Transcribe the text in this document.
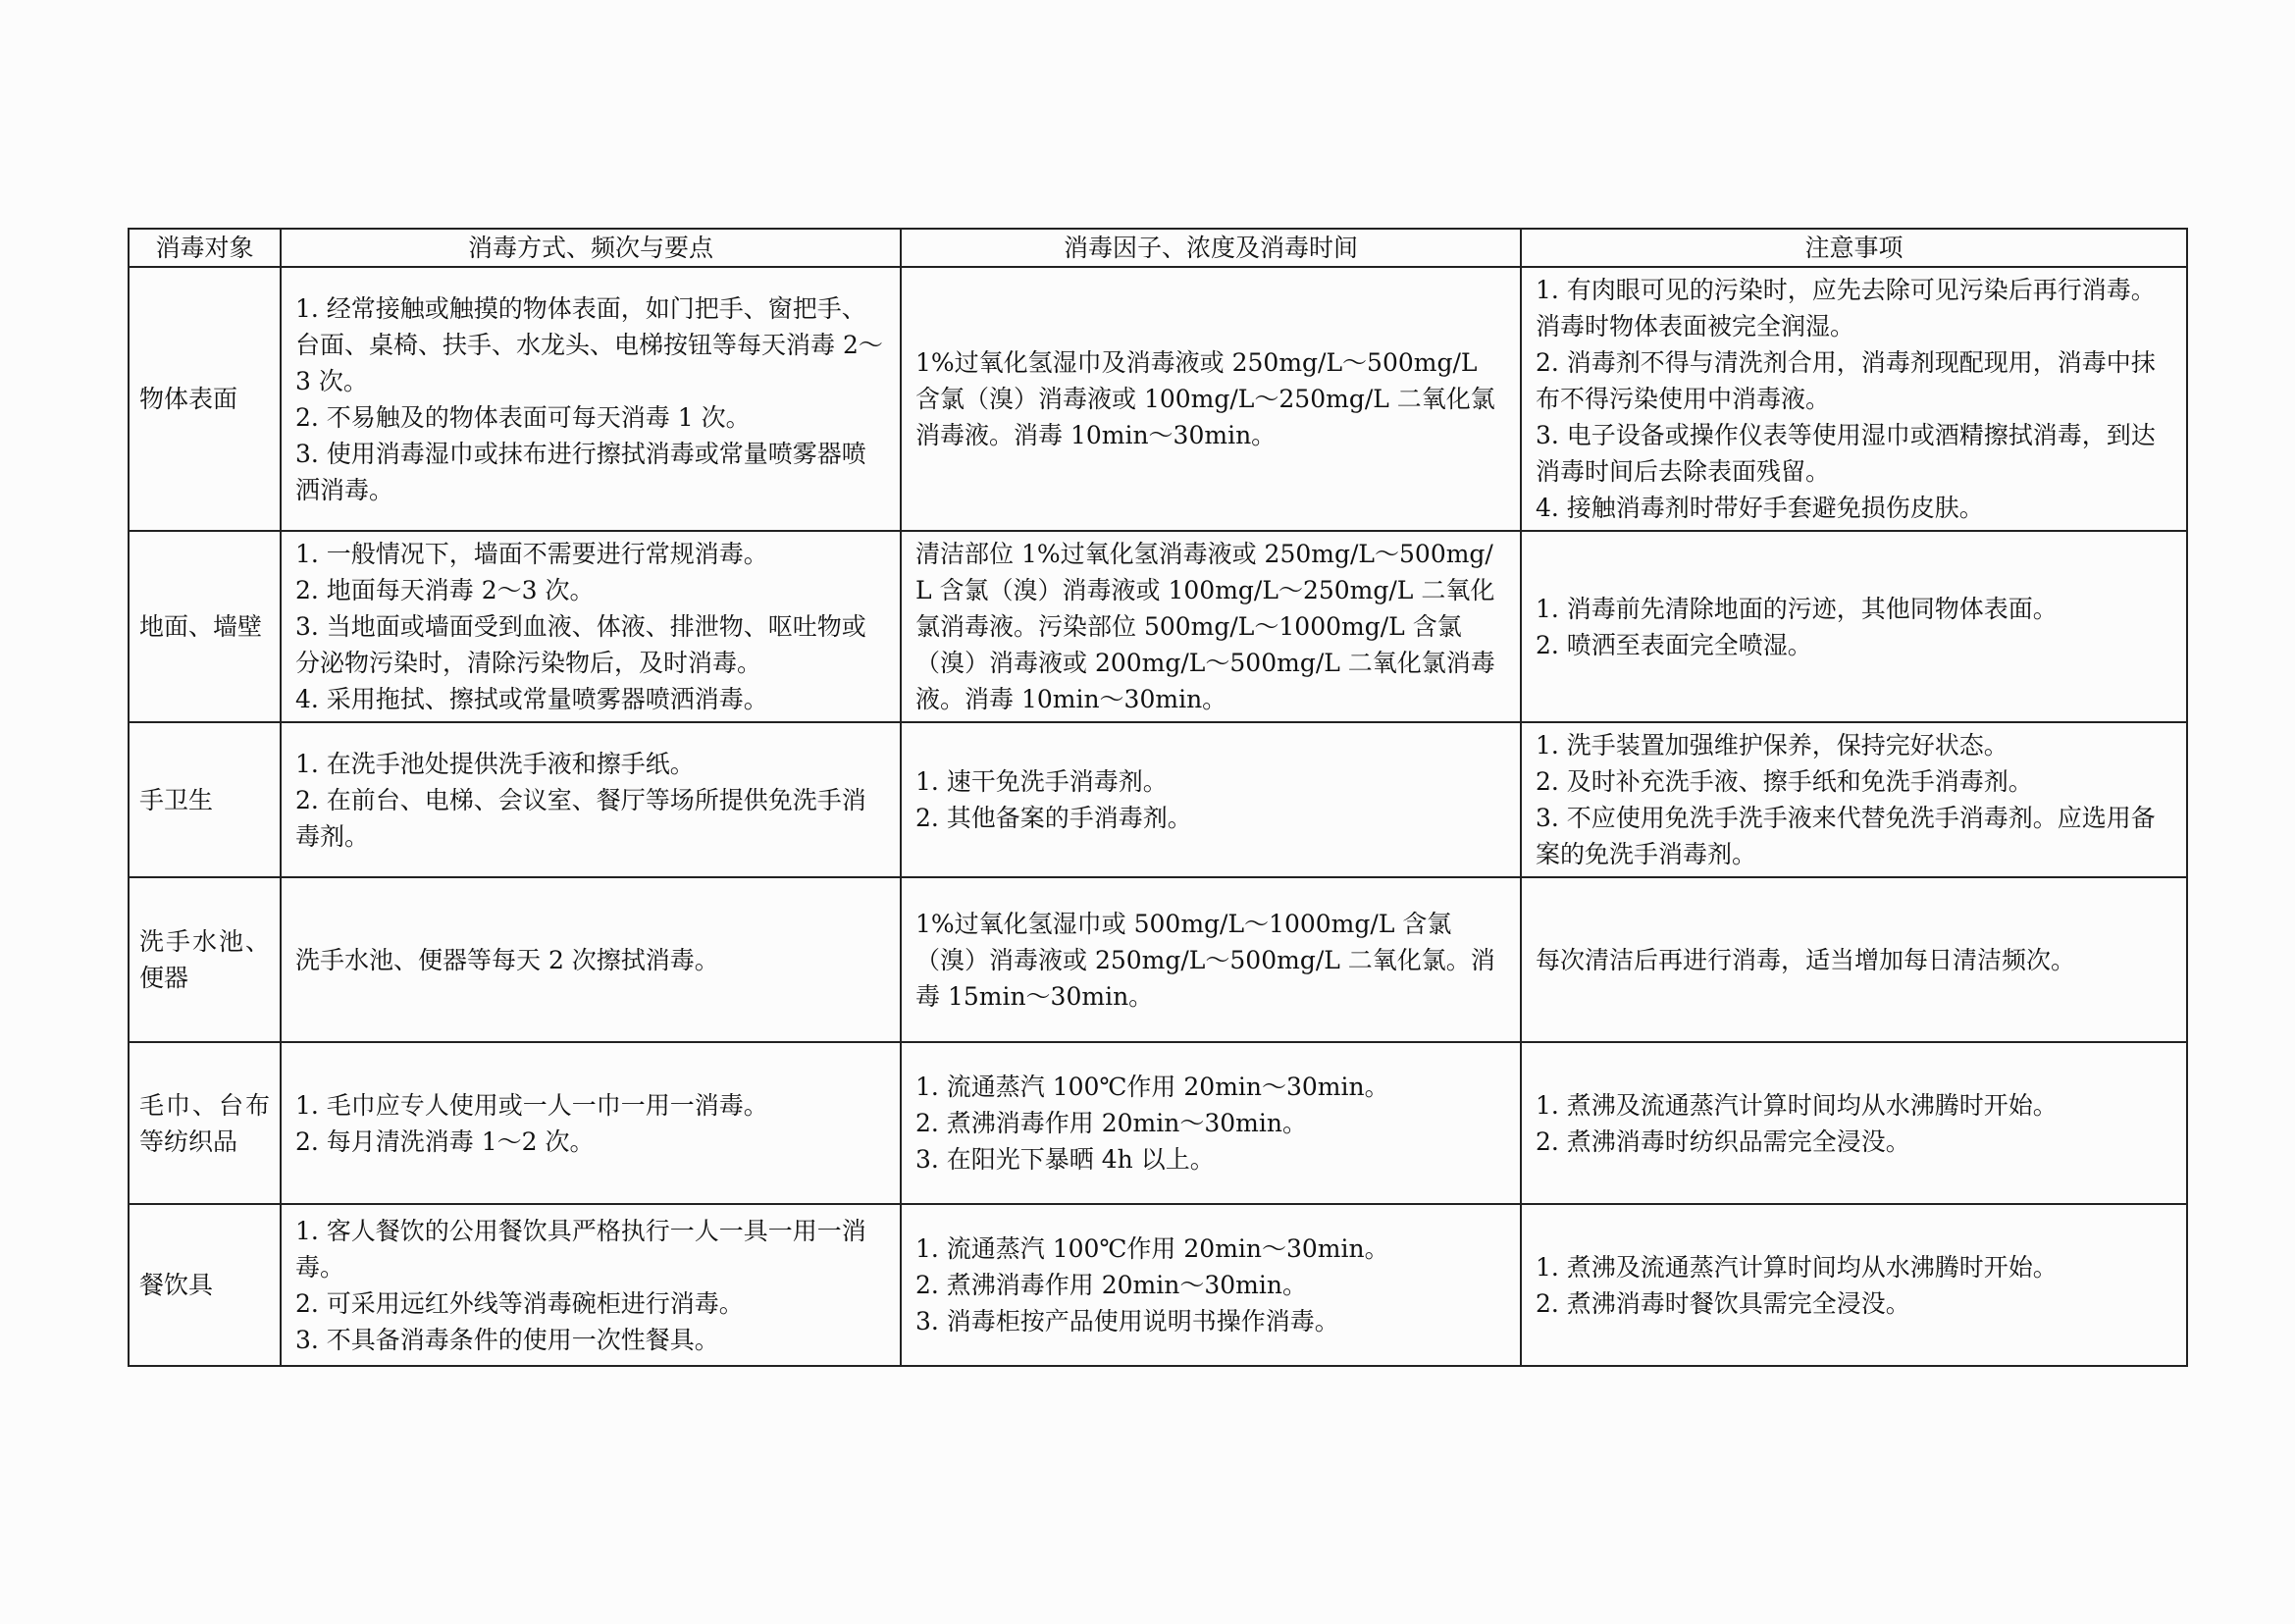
消毒对象	消毒方式、频次与要点	消毒因子、浓度及消毒时间	注意事项
物体表面	1. 经常接触或触摸的物体表面，如门把手、窗把手、台面、桌椅、扶手、水龙头、电梯按钮等每天消毒 2～3 次。
2. 不易触及的物体表面可每天消毒 1 次。
3. 使用消毒湿巾或抹布进行擦拭消毒或常量喷雾器喷洒消毒。	1%过氧化氢湿巾及消毒液或 250mg/L～500mg/L 含氯（溴）消毒液或 100mg/L～250mg/L 二氧化氯消毒液。消毒 10min～30min。	1. 有肉眼可见的污染时，应先去除可见污染后再行消毒。消毒时物体表面被完全润湿。
2. 消毒剂不得与清洗剂合用，消毒剂现配现用，消毒中抹布不得污染使用中消毒液。
3. 电子设备或操作仪表等使用湿巾或酒精擦拭消毒，到达消毒时间后去除表面残留。
4. 接触消毒剂时带好手套避免损伤皮肤。

地面、墙壁	1. 一般情况下，墙面不需要进行常规消毒。
2. 地面每天消毒 2～3 次。
3. 当地面或墙面受到血液、体液、排泄物、呕吐物或分泌物污染时，清除污染物后，及时消毒。
4. 采用拖拭、擦拭或常量喷雾器喷洒消毒。	清洁部位 1%过氧化氢消毒液或 250mg/L～500mg/L 含氯（溴）消毒液或 100mg/L～250mg/L 二氧化氯消毒液。污染部位 500mg/L～1000mg/L 含氯（溴）消毒液或 200mg/L～500mg/L 二氧化氯消毒液。消毒 10min～30min。	1. 消毒前先清除地面的污迹，其他同物体表面。
2. 喷洒至表面完全喷湿。

手卫生	1. 在洗手池处提供洗手液和擦手纸。
2. 在前台、电梯、会议室、餐厅等场所提供免洗手消毒剂。	1. 速干免洗手消毒剂。
2. 其他备案的手消毒剂。	1. 洗手装置加强维护保养，保持完好状态。
2. 及时补充洗手液、擦手纸和免洗手消毒剂。
3. 不应使用免洗手洗手液来代替免洗手消毒剂。应选用备案的免洗手消毒剂。

洗手水池、便器	洗手水池、便器等每天 2 次擦拭消毒。	1%过氧化氢湿巾或 500mg/L～1000mg/L 含氯（溴）消毒液或 250mg/L～500mg/L 二氧化氯。消毒 15min～30min。	每次清洁后再进行消毒，适当增加每日清洁频次。

毛巾、台布等纺织品	1. 毛巾应专人使用或一人一巾一用一消毒。
2. 每月清洗消毒 1～2 次。	1. 流通蒸汽 100℃作用 20min～30min。
2. 煮沸消毒作用 20min～30min。
3. 在阳光下暴晒 4h 以上。	1. 煮沸及流通蒸汽计算时间均从水沸腾时开始。
2. 煮沸消毒时纺织品需完全浸没。

餐饮具	1. 客人餐饮的公用餐饮具严格执行一人一具一用一消毒。
2. 可采用远红外线等消毒碗柜进行消毒。
3. 不具备消毒条件的使用一次性餐具。	1. 流通蒸汽 100℃作用 20min～30min。
2. 煮沸消毒作用 20min～30min。
3. 消毒柜按产品使用说明书操作消毒。	1. 煮沸及流通蒸汽计算时间均从水沸腾时开始。
2. 煮沸消毒时餐饮具需完全浸没。
